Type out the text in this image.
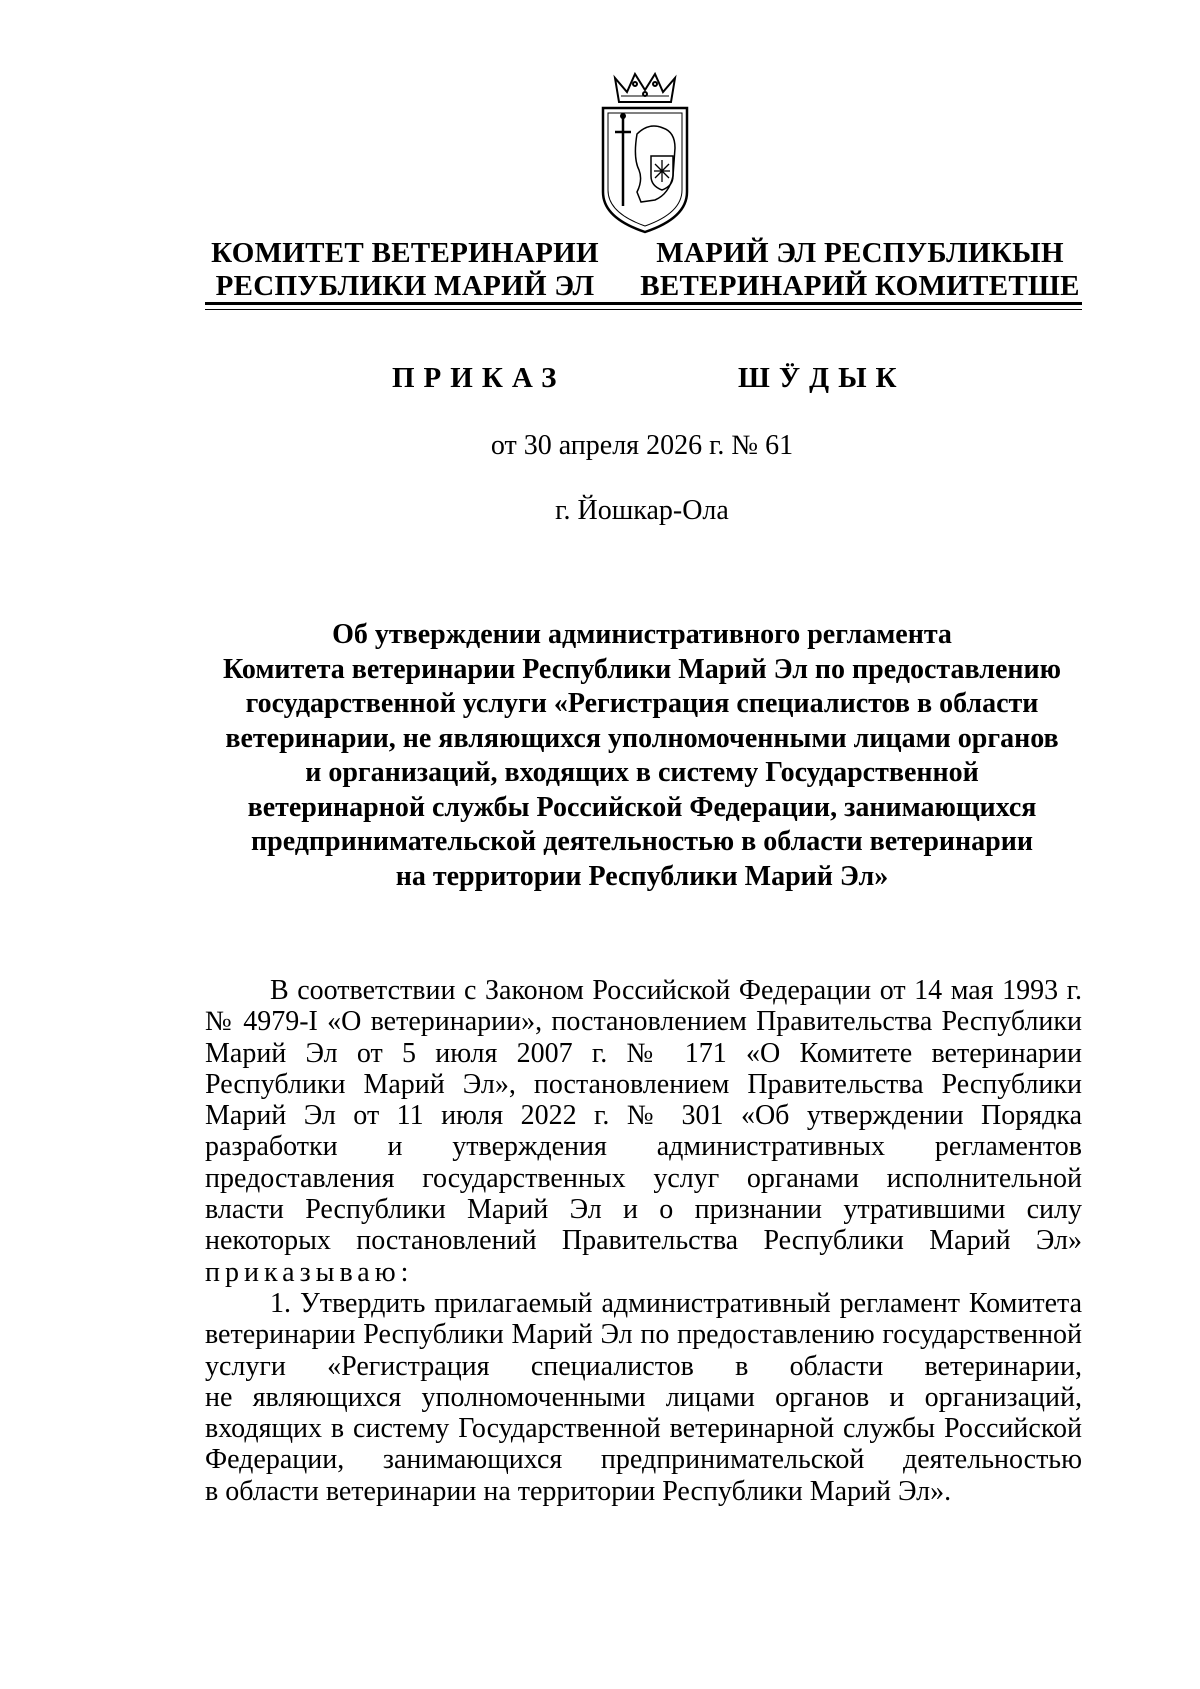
КОМИТЕТ ВЕТЕРИНАРИИ
РЕСПУБЛИКИ МАРИЙ ЭЛ
МАРИЙ ЭЛ РЕСПУБЛИКЫН
ВЕТЕРИНАРИЙ КОМИТЕТШЕ
ПРИКАЗ	ШӰДЫК
от 30 апреля 2026 г. № 61
г. Йошкар-Ола
Об утверждении административного регламента
Комитета ветеринарии Республики Марий Эл по предоставлению
государственной услуги «Регистрация специалистов в области
ветеринарии, не являющихся уполномоченными лицами органов
и организаций, входящих в систему Государственной
ветеринарной службы Российской Федерации, занимающихся
предпринимательской деятельностью в области ветеринарии
на территории Республики Марий Эл»
В соответствии с Законом Российской Федерации от 14 мая 1993 г.
№ 4979-I «О ветеринарии», постановлением Правительства Республики
Марий Эл от 5 июля 2007 г. № 171 «О Комитете ветеринарии
Республики Марий Эл», постановлением Правительства Республики
Марий Эл от 11 июля 2022 г. № 301 «Об утверждении Порядка
разработки и утверждения административных регламентов
предоставления государственных услуг органами исполнительной
власти Республики Марий Эл и о признании утратившими силу
некоторых постановлений Правительства Республики Марий Эл»
приказываю:
1. Утвердить прилагаемый административный регламент Комитета
ветеринарии Республики Марий Эл по предоставлению государственной
услуги «Регистрация специалистов в области ветеринарии,
не являющихся уполномоченными лицами органов и организаций,
входящих в систему Государственной ветеринарной службы Российской
Федерации, занимающихся предпринимательской деятельностью
в области ветеринарии на территории Республики Марий Эл».
